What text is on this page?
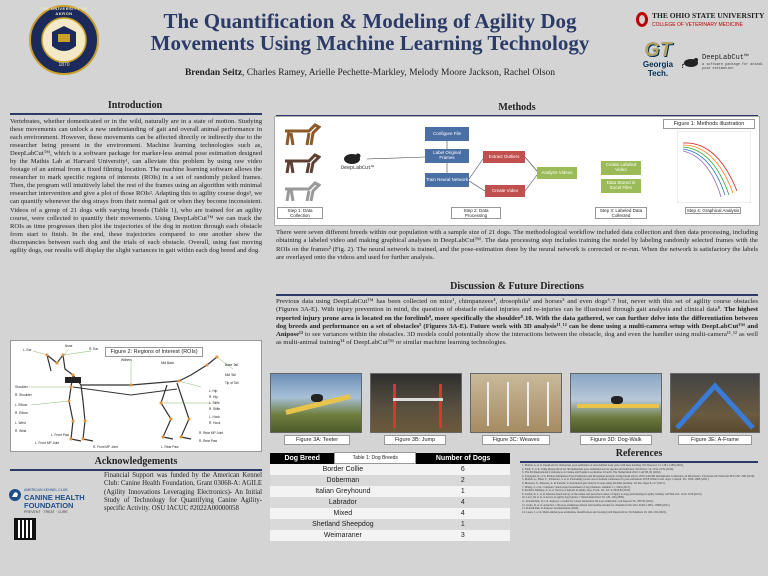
THE UNIVERSITY OF AKRON
1870
The Quantification & Modeling of Agility Dog
Movements Using Machine Learning Technology
Brendan Seitz, Charles Ramey, Arielle Pechette-Markley, Melody Moore Jackson, Rachel Olson
THE OHIO STATE UNIVERSITY
COLLEGE OF VETERINARY MEDICINE
GT
Georgia
Tech.
DeepLabCut™
a software package for animal pose estimation
Introduction
Vertebrates, whether domesticated or in the wild, naturally are in a state of motion. Studying these movements can unlock a new understanding of gait and overall animal performance in each environment. However, these movements can be affected directly or indirectly due to the researcher being present in the environment. Machine learning technologies such as, DeepLabCut™, which is a software package for marker-less animal pose estimation designed by the Mathis Lab at Harvard University¹, can alleviate this problem by using raw video footage of an animal from a fixed filming location. The machine learning software allows the researcher to mark specific regions of interests (ROIs) in a set of randomly picked frames. Then, the program will intuitively label the rest of the frames using an algorithm with minimal researcher intervention and give a plot of those ROIs². Adapting this to agility course dogs³, we can quantify whenever the dog strays from their normal gait or when they become inconsistent. Videos of a group of 21 dogs with varying breeds (Table 1), who are trained for an agility course, were collected to quantify their movements. Using DeepLabCut™ we can track the ROIs as time progresses then plot the trajectories of the dog in motion through each obstacle from start to finish. In the end, these trajectories compared to one another show the discrepancies between each dog and the trials of each obstacle. Overall, using fast moving agility dogs, our results will display the slight variances in gait within each dog breed and dog.
Figure 2: Regions of Interest (ROIs)
L. Ear
Nose
R. Ear
Withers
Mid Back	Base Tail
Mid Tail
Tip of Tail
Shoulder
R. Shoulder
L. Elbow
R. Elbow
L. Hip
R. Hip
L. Stifle
R. Stifle
L. Hock
R. Hock
L. Wrist
R. Wrist
L. Front MP Joint
R. Front MP Joint	L. Rear Paw
R. Rear Paw
L. Front Paw	R. Rear MP Joint
Acknowledgements
AMERICAN KENNEL CLUB
CANINE HEALTH
FOUNDATION
PREVENT · TREAT · CURE
Financial Support was funded by the American Kennel Club: Canine Health Foundation, Grant 03068-A: AGILE (Agility Innovations Leveraging Electronics)- An Initial Study of Technology for Quantifying Canine Agility-specific Activity. OSU IACUC #2022A00000058
Methods
Figure 1: Methods illustration
Step 1: Data Collection
DeepLabCut™
Configure File
Label Original Frames
Train Neural Network
Extract Outliers
Analyze Videos
Create Video
Step 2: Data Processing
Create Labeled Video
Data Stored in Excel Files
Step 3: Labeled Data Collected
Step 4: Graphical Analysis
There were seven different breeds within our population with a sample size of 21 dogs. The methodological workflow included data collection and then data processing, including obtaining a labeled video and making graphical analyses in DeepLabCut™. The data processing step includes training the model by labeling randomly selected frames with the ROIs on the frames² (Fig. 2). The neural network is trained, and the pose-estimation done by the neural network is corrected or re-run. When the network is satisfactory the labels are overlayed onto the videos and used for further analysis.
Discussion & Future Directions
Previous data using DeepLabCut™ has been collected on mice¹, chimpanzees⁴, drosophila¹ and horses⁵ and even dogs⁶˒7 but, never with this set of agility course obstacles (Figures 3A-E). With injury prevention in mind, the question of obstacle related injuries and re-injuries can be illustrated through gait analysis and clinical data⁸. The highest reported injury prone area is located on the forelimb⁹, more specifically the shoulder⁸˒10. With the data gathered, we can further delve into the differentiation between dog breeds and performance on a set of obstacles⁵ (Figures 3A-E). Future work with 3D analysis¹¹˒¹² can be done using a multi-camera setup with DeepLabCut™ and Anipose¹³ to see variances within the obstacles. 3D models could potentially show the interactions between the obstacle, dog and even the handler using multi-camera¹¹˒¹² as well as multi-animal training¹⁴ of DeepLabCut™ or similar machine learning technologies.
Figure 3A: Teeter	Figure 3B: Jump	Figure 3C: Weaves	Figure 3D: Dog-Walk	Figure 3E: A-Frame
Dog Breed	Table 1: Dog Breeds	Number of Dogs
Border Collie		6
Doberman		2
Italian Greyhound		1
Labrador		4
Mixed		4
Shetland Sheepdog		1
Weimaraner		3
References
1. Mathis, A. et al. DeepLabCut: markerless pose estimation of user-defined body parts with deep learning. Nat Neurosci 21, 1281–1289 (2018).
2. Nath, T. et al. Using DeepLabCut for 3D markerless pose estimation across species and behaviors. Nat Protoc 14, 2152–2176 (2019).
3. The 9th International Conference on Canine and Equine Locomotion, Utrecht, The Netherlands 2022. CAP 98, 84 (2022).
4. Labuguen, R. et al. Primate Markerless Pose Estimation and Movement Analysis Using DeepLabCut. 2019 Joint 8th International Conference on Informatics, Electronics & Vision (ICIEV) 297–300 (2019).
5. Mathis, A., Biasi, T., Schneider, S. et al. Pretraining boosts out-of-domain robustness for pose estimation. IEEE Winter Conf. Appl. Comput. Vis. 1859–1868 (2021).
6. Mousavi, S., Khazaee, A. & Karami, V. Automated gait analysis in dogs using machine learning. Vet Rec Open 8, e17 (2021).
7. Zhang, Z. et al. Computer vision-based assessment of dog lameness. Animals 11, 3204 (2021).
8. Pechette Markley, A. et al. Survey of injuries in agility dogs. Front. Vet. Sci. 9, 845036 (2022).
9. Cullen, K. L. et al. Internet-based survey of the nature and perceived causes of injury to dogs participating in agility training. JAVMA 243, 1010–1018 (2013).
10. Levy, M. et al. A survey of agility dog injuries. J Small Anim Pract 50, 120–126 (2009).
11. Karashchuk, P. et al. Anipose: a toolkit for robust markerless 3D pose estimation. Cell Reports 36, 109730 (2021).
12. Joska, D. et al. AcinoSet: a 3D pose estimation dataset and baseline models for cheetahs in the wild. ICRA 13901–13908 (2021).
13. Karashchuk, P. Anipose documentation (2020).
14. Lauer, J. et al. Multi-animal pose estimation, identification and tracking with DeepLabCut. Nat Methods 19, 496–504 (2022).
